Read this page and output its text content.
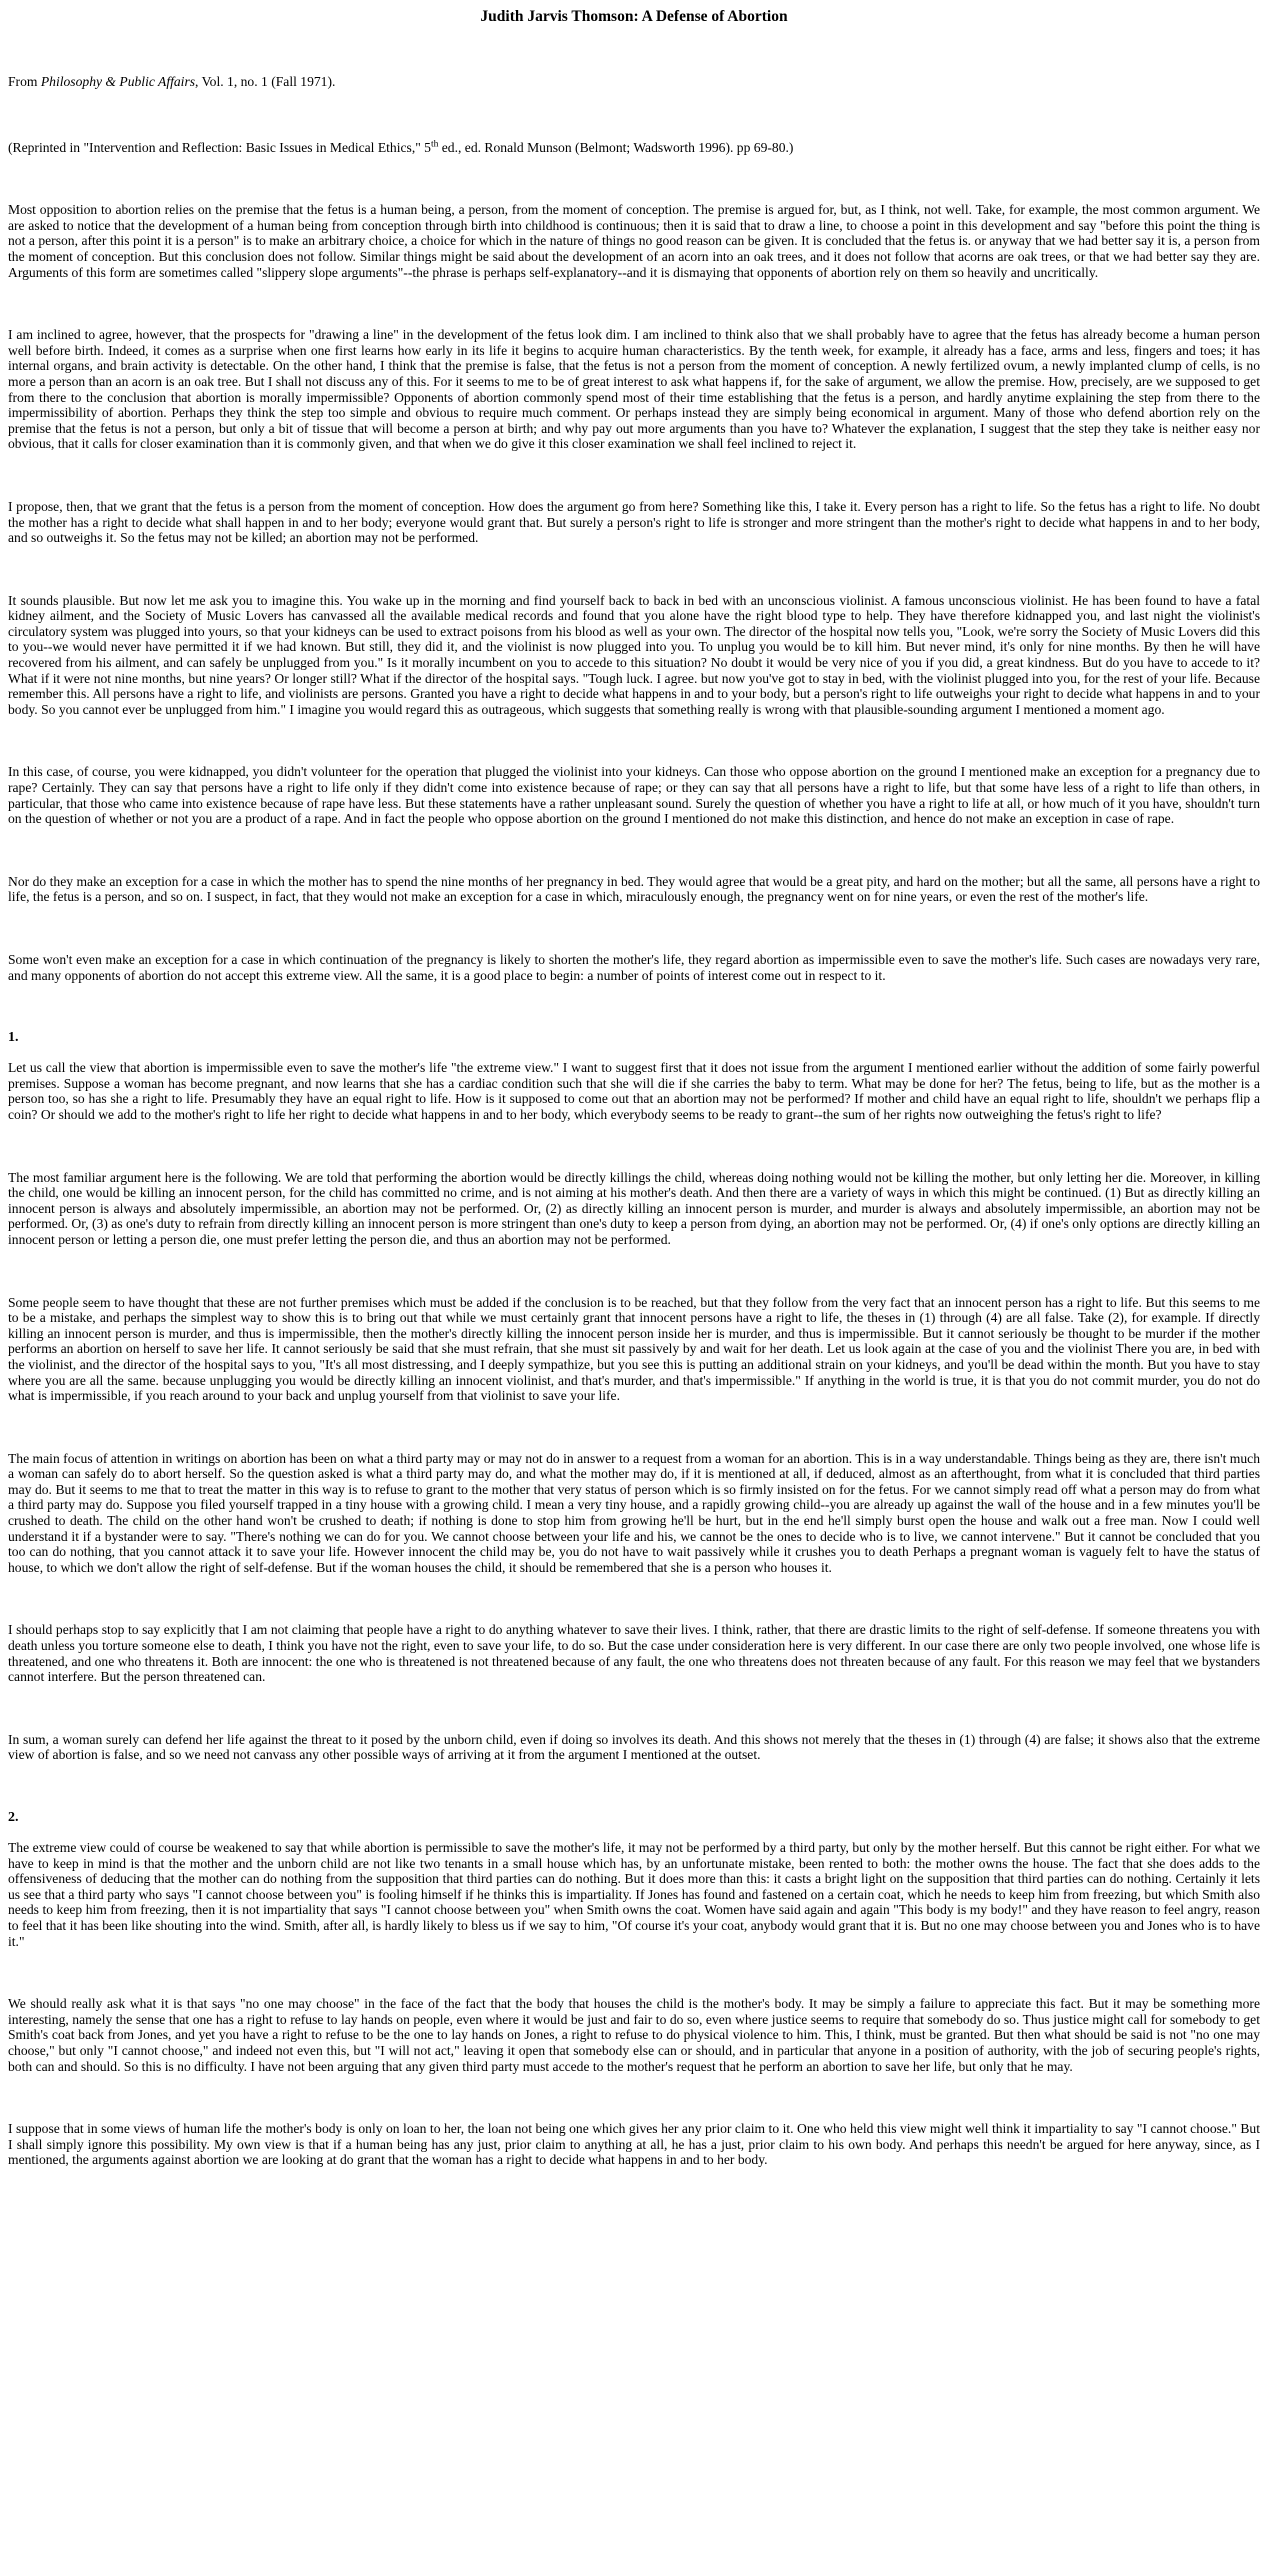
Judith Jarvis Thomson: A Defense of Abortion

From Philosophy & Public Affairs, Vol. 1, no. 1 (Fall 1971).

(Reprinted in "Intervention and Reflection: Basic Issues in Medical Ethics," 5th ed., ed. Ronald Munson (Belmont; Wadsworth 1996). pp 69-80.)

Most opposition to abortion relies on the premise that the fetus is a human being, a person, from the moment of conception. The premise is argued for, but, as I think, not well. Take, for example, the most common argument. We are asked to notice that the development of a human being from conception through birth into childhood is continuous; then it is said that to draw a line, to choose a point in this development and say "before this point the thing is not a person, after this point it is a person" is to make an arbitrary choice, a choice for which in the nature of things no good reason can be given. It is concluded that the fetus is. or anyway that we had better say it is, a person from the moment of conception. But this conclusion does not follow. Similar things might be said about the development of an acorn into an oak trees, and it does not follow that acorns are oak trees, or that we had better say they are. Arguments of this form are sometimes called "slippery slope arguments"--the phrase is perhaps self-explanatory--and it is dismaying that opponents of abortion rely on them so heavily and uncritically.

I am inclined to agree, however, that the prospects for "drawing a line" in the development of the fetus look dim. I am inclined to think also that we shall probably have to agree that the fetus has already become a human person well before birth. Indeed, it comes as a surprise when one first learns how early in its life it begins to acquire human characteristics. By the tenth week, for example, it already has a face, arms and less, fingers and toes; it has internal organs, and brain activity is detectable. On the other hand, I think that the premise is false, that the fetus is not a person from the moment of conception. A newly fertilized ovum, a newly implanted clump of cells, is no more a person than an acorn is an oak tree. But I shall not discuss any of this. For it seems to me to be of great interest to ask what happens if, for the sake of argument, we allow the premise. How, precisely, are we supposed to get from there to the conclusion that abortion is morally impermissible? Opponents of abortion commonly spend most of their time establishing that the fetus is a person, and hardly anytime explaining the step from there to the impermissibility of abortion. Perhaps they think the step too simple and obvious to require much comment. Or perhaps instead they are simply being economical in argument. Many of those who defend abortion rely on the premise that the fetus is not a person, but only a bit of tissue that will become a person at birth; and why pay out more arguments than you have to? Whatever the explanation, I suggest that the step they take is neither easy nor obvious, that it calls for closer examination than it is commonly given, and that when we do give it this closer examination we shall feel inclined to reject it.

I propose, then, that we grant that the fetus is a person from the moment of conception. How does the argument go from here? Something like this, I take it. Every person has a right to life. So the fetus has a right to life. No doubt the mother has a right to decide what shall happen in and to her body; everyone would grant that. But surely a person's right to life is stronger and more stringent than the mother's right to decide what happens in and to her body, and so outweighs it. So the fetus may not be killed; an abortion may not be performed.

It sounds plausible. But now let me ask you to imagine this. You wake up in the morning and find yourself back to back in bed with an unconscious violinist. A famous unconscious violinist. He has been found to have a fatal kidney ailment, and the Society of Music Lovers has canvassed all the available medical records and found that you alone have the right blood type to help. They have therefore kidnapped you, and last night the violinist's circulatory system was plugged into yours, so that your kidneys can be used to extract poisons from his blood as well as your own. The director of the hospital now tells you, "Look, we're sorry the Society of Music Lovers did this to you--we would never have permitted it if we had known. But still, they did it, and the violinist is now plugged into you. To unplug you would be to kill him. But never mind, it's only for nine months. By then he will have recovered from his ailment, and can safely be unplugged from you." Is it morally incumbent on you to accede to this situation? No doubt it would be very nice of you if you did, a great kindness. But do you have to accede to it? What if it were not nine months, but nine years? Or longer still? What if the director of the hospital says. "Tough luck. I agree. but now you've got to stay in bed, with the violinist plugged into you, for the rest of your life. Because remember this. All persons have a right to life, and violinists are persons. Granted you have a right to decide what happens in and to your body, but a person's right to life outweighs your right to decide what happens in and to your body. So you cannot ever be unplugged from him." I imagine you would regard this as outrageous, which suggests that something really is wrong with that plausible-sounding argument I mentioned a moment ago.

In this case, of course, you were kidnapped, you didn't volunteer for the operation that plugged the violinist into your kidneys. Can those who oppose abortion on the ground I mentioned make an exception for a pregnancy due to rape? Certainly. They can say that persons have a right to life only if they didn't come into existence because of rape; or they can say that all persons have a right to life, but that some have less of a right to life than others, in particular, that those who came into existence because of rape have less. But these statements have a rather unpleasant sound. Surely the question of whether you have a right to life at all, or how much of it you have, shouldn't turn on the question of whether or not you are a product of a rape. And in fact the people who oppose abortion on the ground I mentioned do not make this distinction, and hence do not make an exception in case of rape.

Nor do they make an exception for a case in which the mother has to spend the nine months of her pregnancy in bed. They would agree that would be a great pity, and hard on the mother; but all the same, all persons have a right to life, the fetus is a person, and so on. I suspect, in fact, that they would not make an exception for a case in which, miraculously enough, the pregnancy went on for nine years, or even the rest of the mother's life.

Some won't even make an exception for a case in which continuation of the pregnancy is likely to shorten the mother's life, they regard abortion as impermissible even to save the mother's life. Such cases are nowadays very rare, and many opponents of abortion do not accept this extreme view. All the same, it is a good place to begin: a number of points of interest come out in respect to it.

1.

Let us call the view that abortion is impermissible even to save the mother's life "the extreme view." I want to suggest first that it does not issue from the argument I mentioned earlier without the addition of some fairly powerful premises. Suppose a woman has become pregnant, and now learns that she has a cardiac condition such that she will die if she carries the baby to term. What may be done for her? The fetus, being to life, but as the mother is a person too, so has she a right to life. Presumably they have an equal right to life. How is it supposed to come out that an abortion may not be performed? If mother and child have an equal right to life, shouldn't we perhaps flip a coin? Or should we add to the mother's right to life her right to decide what happens in and to her body, which everybody seems to be ready to grant--the sum of her rights now outweighing the fetus's right to life?

The most familiar argument here is the following. We are told that performing the abortion would be directly killings the child, whereas doing nothing would not be killing the mother, but only letting her die. Moreover, in killing the child, one would be killing an innocent person, for the child has committed no crime, and is not aiming at his mother's death. And then there are a variety of ways in which this might be continued. (1) But as directly killing an innocent person is always and absolutely impermissible, an abortion may not be performed. Or, (2) as directly killing an innocent person is murder, and murder is always and absolutely impermissible, an abortion may not be performed. Or, (3) as one's duty to refrain from directly killing an innocent person is more stringent than one's duty to keep a person from dying, an abortion may not be performed. Or, (4) if one's only options are directly killing an innocent person or letting a person die, one must prefer letting the person die, and thus an abortion may not be performed.

Some people seem to have thought that these are not further premises which must be added if the conclusion is to be reached, but that they follow from the very fact that an innocent person has a right to life. But this seems to me to be a mistake, and perhaps the simplest way to show this is to bring out that while we must certainly grant that innocent persons have a right to life, the theses in (1) through (4) are all false. Take (2), for example. If directly killing an innocent person is murder, and thus is impermissible, then the mother's directly killing the innocent person inside her is murder, and thus is impermissible. But it cannot seriously be thought to be murder if the mother performs an abortion on herself to save her life. It cannot seriously be said that she must refrain, that she must sit passively by and wait for her death. Let us look again at the case of you and the violinist There you are, in bed with the violinist, and the director of the hospital says to you, "It's all most distressing, and I deeply sympathize, but you see this is putting an additional strain on your kidneys, and you'll be dead within the month. But you have to stay where you are all the same. because unplugging you would be directly killing an innocent violinist, and that's murder, and that's impermissible." If anything in the world is true, it is that you do not commit murder, you do not do what is impermissible, if you reach around to your back and unplug yourself from that violinist to save your life.

The main focus of attention in writings on abortion has been on what a third party may or may not do in answer to a request from a woman for an abortion. This is in a way understandable. Things being as they are, there isn't much a woman can safely do to abort herself. So the question asked is what a third party may do, and what the mother may do, if it is mentioned at all, if deduced, almost as an afterthought, from what it is concluded that third parties may do. But it seems to me that to treat the matter in this way is to refuse to grant to the mother that very status of person which is so firmly insisted on for the fetus. For we cannot simply read off what a person may do from what a third party may do. Suppose you filed yourself trapped in a tiny house with a growing child. I mean a very tiny house, and a rapidly growing child--you are already up against the wall of the house and in a few minutes you'll be crushed to death. The child on the other hand won't be crushed to death; if nothing is done to stop him from growing he'll be hurt, but in the end he'll simply burst open the house and walk out a free man. Now I could well understand it if a bystander were to say. "There's nothing we can do for you. We cannot choose between your life and his, we cannot be the ones to decide who is to live, we cannot intervene." But it cannot be concluded that you too can do nothing, that you cannot attack it to save your life. However innocent the child may be, you do not have to wait passively while it crushes you to death Perhaps a pregnant woman is vaguely felt to have the status of house, to which we don't allow the right of self-defense. But if the woman houses the child, it should be remembered that she is a person who houses it.

I should perhaps stop to say explicitly that I am not claiming that people have a right to do anything whatever to save their lives. I think, rather, that there are drastic limits to the right of self-defense. If someone threatens you with death unless you torture someone else to death, I think you have not the right, even to save your life, to do so. But the case under consideration here is very different. In our case there are only two people involved, one whose life is threatened, and one who threatens it. Both are innocent: the one who is threatened is not threatened because of any fault, the one who threatens does not threaten because of any fault. For this reason we may feel that we bystanders cannot interfere. But the person threatened can.

In sum, a woman surely can defend her life against the threat to it posed by the unborn child, even if doing so involves its death. And this shows not merely that the theses in (1) through (4) are false; it shows also that the extreme view of abortion is false, and so we need not canvass any other possible ways of arriving at it from the argument I mentioned at the outset.

2.

The extreme view could of course be weakened to say that while abortion is permissible to save the mother's life, it may not be performed by a third party, but only by the mother herself. But this cannot be right either. For what we have to keep in mind is that the mother and the unborn child are not like two tenants in a small house which has, by an unfortunate mistake, been rented to both: the mother owns the house. The fact that she does adds to the offensiveness of deducing that the mother can do nothing from the supposition that third parties can do nothing. But it does more than this: it casts a bright light on the supposition that third parties can do nothing. Certainly it lets us see that a third party who says "I cannot choose between you" is fooling himself if he thinks this is impartiality. If Jones has found and fastened on a certain coat, which he needs to keep him from freezing, but which Smith also needs to keep him from freezing, then it is not impartiality that says "I cannot choose between you" when Smith owns the coat. Women have said again and again "This body is my body!" and they have reason to feel angry, reason to feel that it has been like shouting into the wind. Smith, after all, is hardly likely to bless us if we say to him, "Of course it's your coat, anybody would grant that it is. But no one may choose between you and Jones who is to have it."

We should really ask what it is that says "no one may choose" in the face of the fact that the body that houses the child is the mother's body. It may be simply a failure to appreciate this fact. But it may be something more interesting, namely the sense that one has a right to refuse to lay hands on people, even where it would be just and fair to do so, even where justice seems to require that somebody do so. Thus justice might call for somebody to get Smith's coat back from Jones, and yet you have a right to refuse to be the one to lay hands on Jones, a right to refuse to do physical violence to him. This, I think, must be granted. But then what should be said is not "no one may choose," but only "I cannot choose," and indeed not even this, but "I will not act," leaving it open that somebody else can or should, and in particular that anyone in a position of authority, with the job of securing people's rights, both can and should. So this is no difficulty. I have not been arguing that any given third party must accede to the mother's request that he perform an abortion to save her life, but only that he may.

I suppose that in some views of human life the mother's body is only on loan to her, the loan not being one which gives her any prior claim to it. One who held this view might well think it impartiality to say "I cannot choose." But I shall simply ignore this possibility. My own view is that if a human being has any just, prior claim to anything at all, he has a just, prior claim to his own body. And perhaps this needn't be argued for here anyway, since, as I mentioned, the arguments against abortion we are looking at do grant that the woman has a right to decide what happens in and to her body.
